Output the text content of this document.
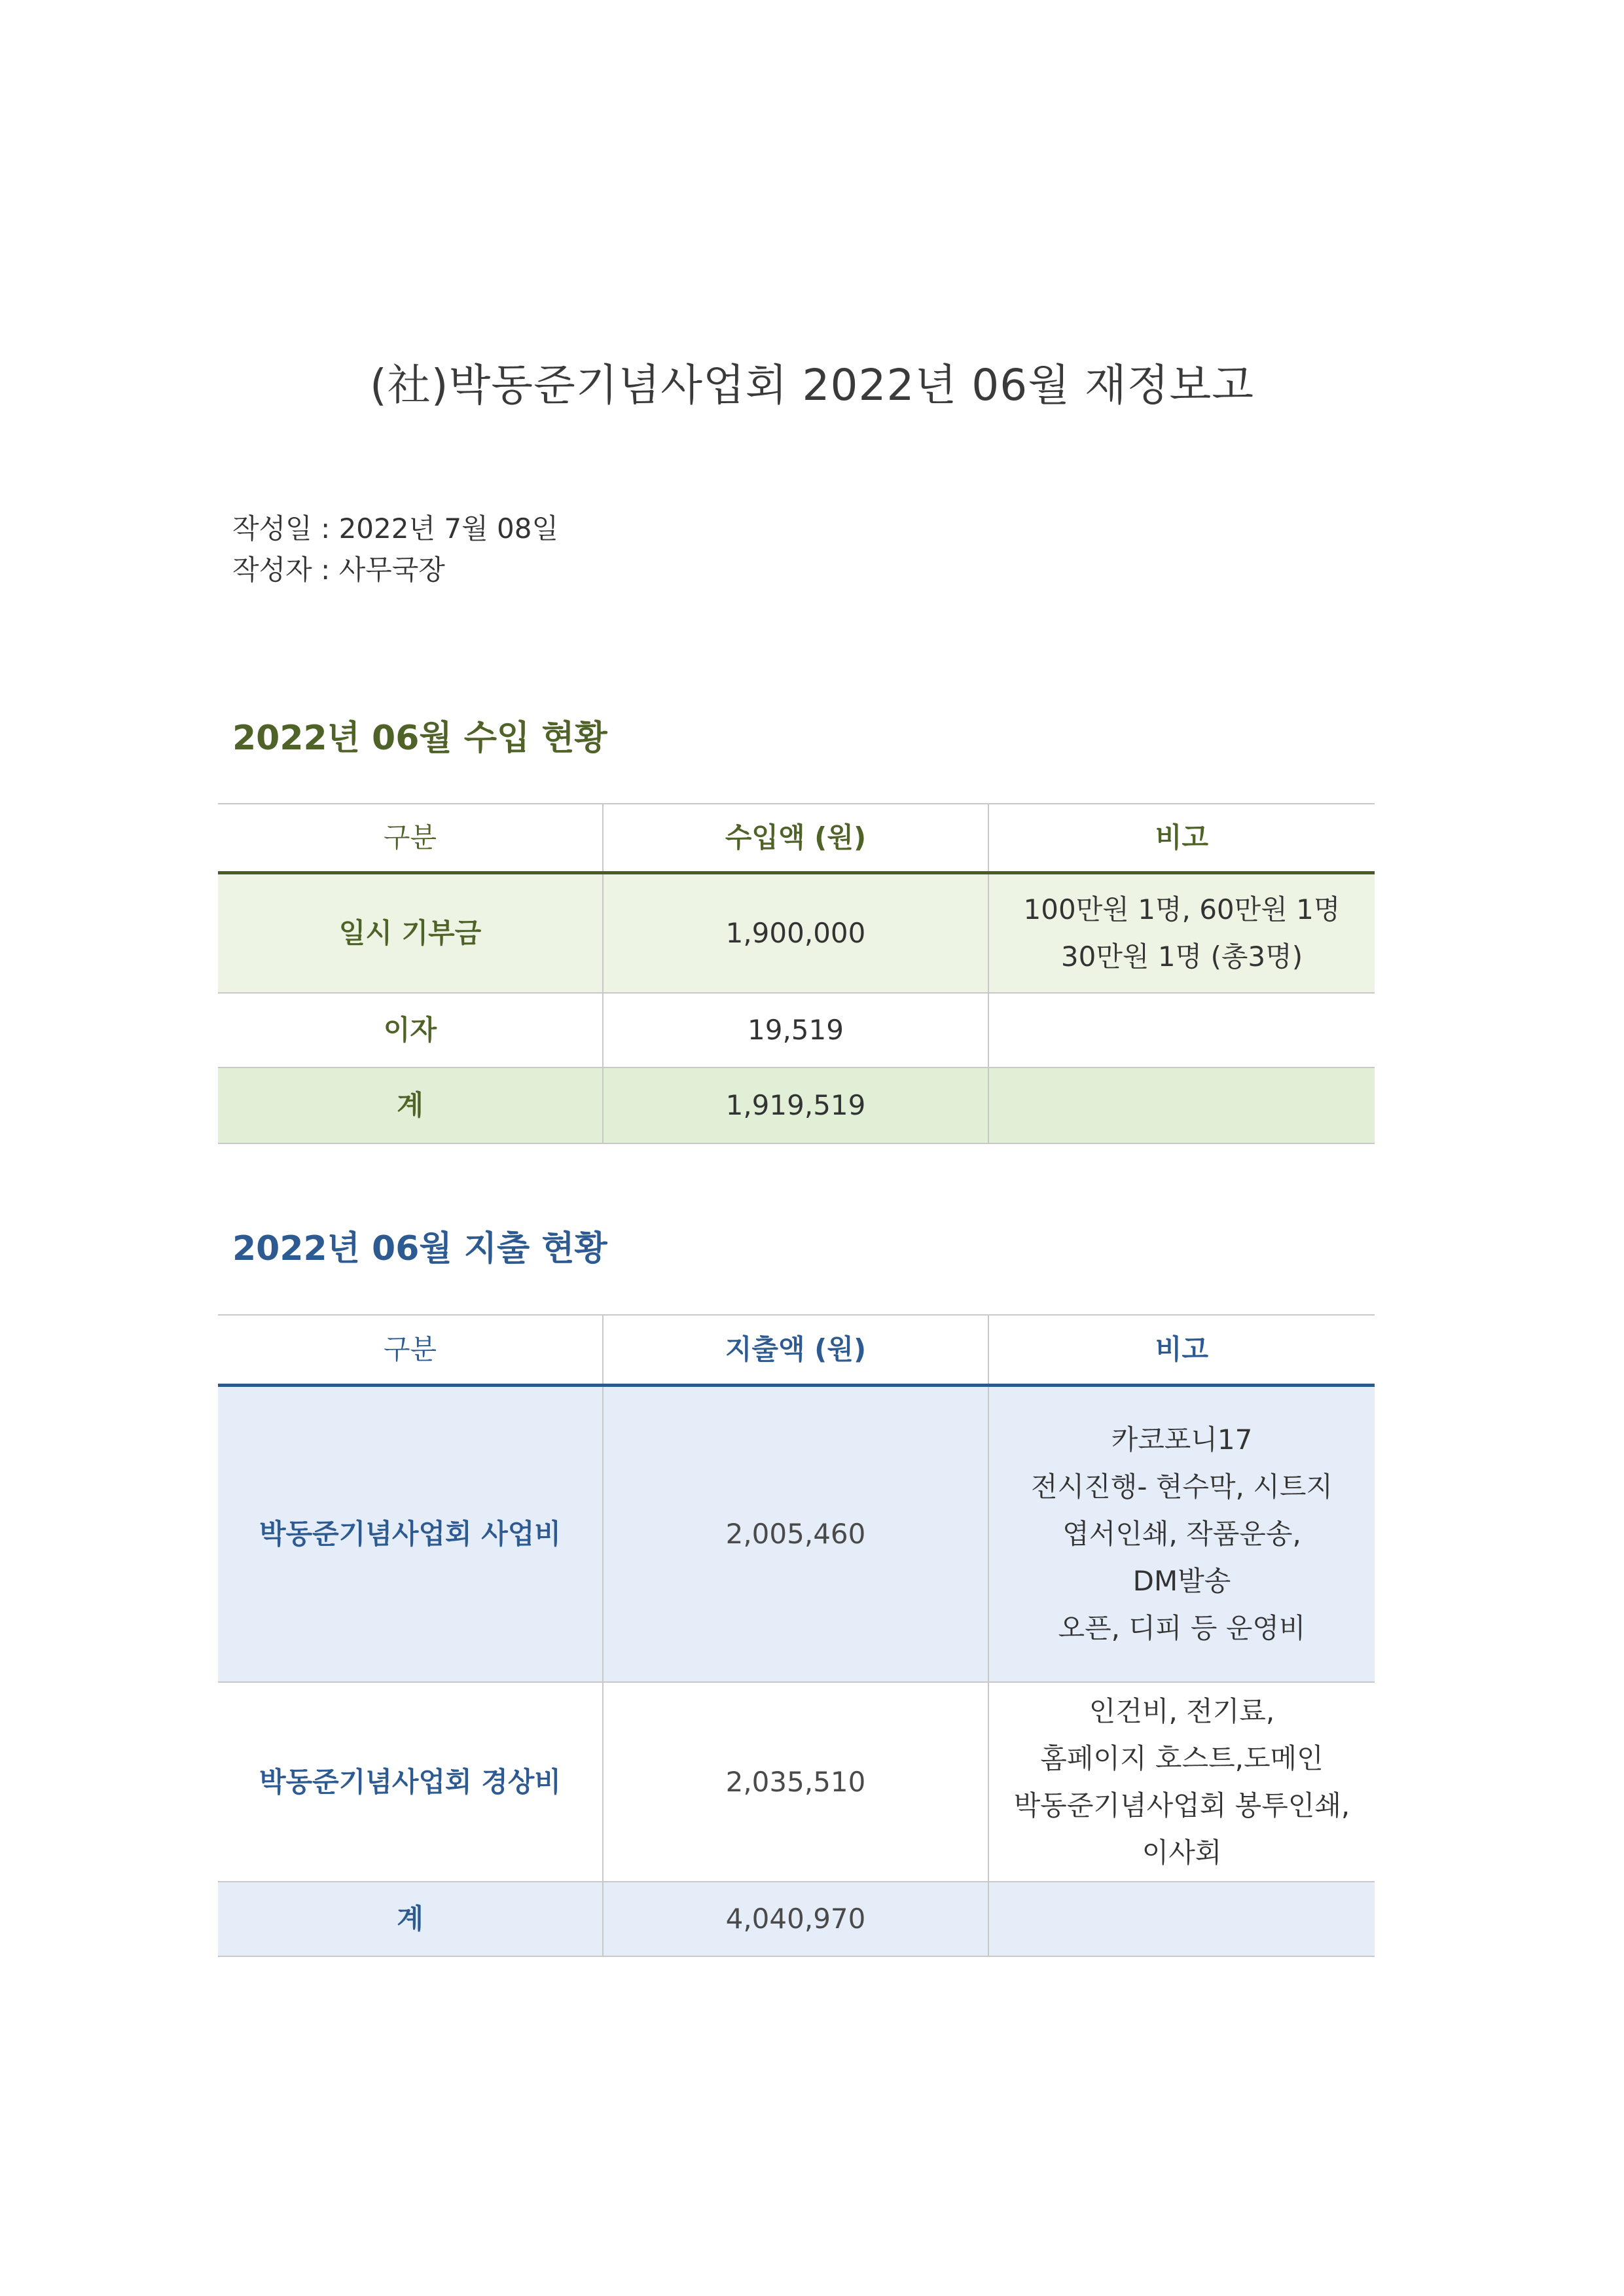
(社)박동준기념사업회 2022년 06월 재정보고
작성일 : 2022년 7월 08일
작성자 : 사무국장
2022년 06월 수입 현황
구분	수입액 (원)	비고
일시 기부금	1,900,000	100만원 1명, 60만원 1명
30만원 1명 (총3명)

이자	19,519	
계	1,919,519	
2022년 06월 지출 현황
구분	지출액 (원)	비고
박동준기념사업회 사업비	2,005,460	카코포니17
전시진행- 현수막, 시트지
엽서인쇄, 작품운송,
DM발송
오픈, 디피 등 운영비

박동준기념사업회 경상비	2,035,510	인건비, 전기료,
홈페이지 호스트,도메인
박동준기념사업회 봉투인쇄,
이사회

계	4,040,970	
